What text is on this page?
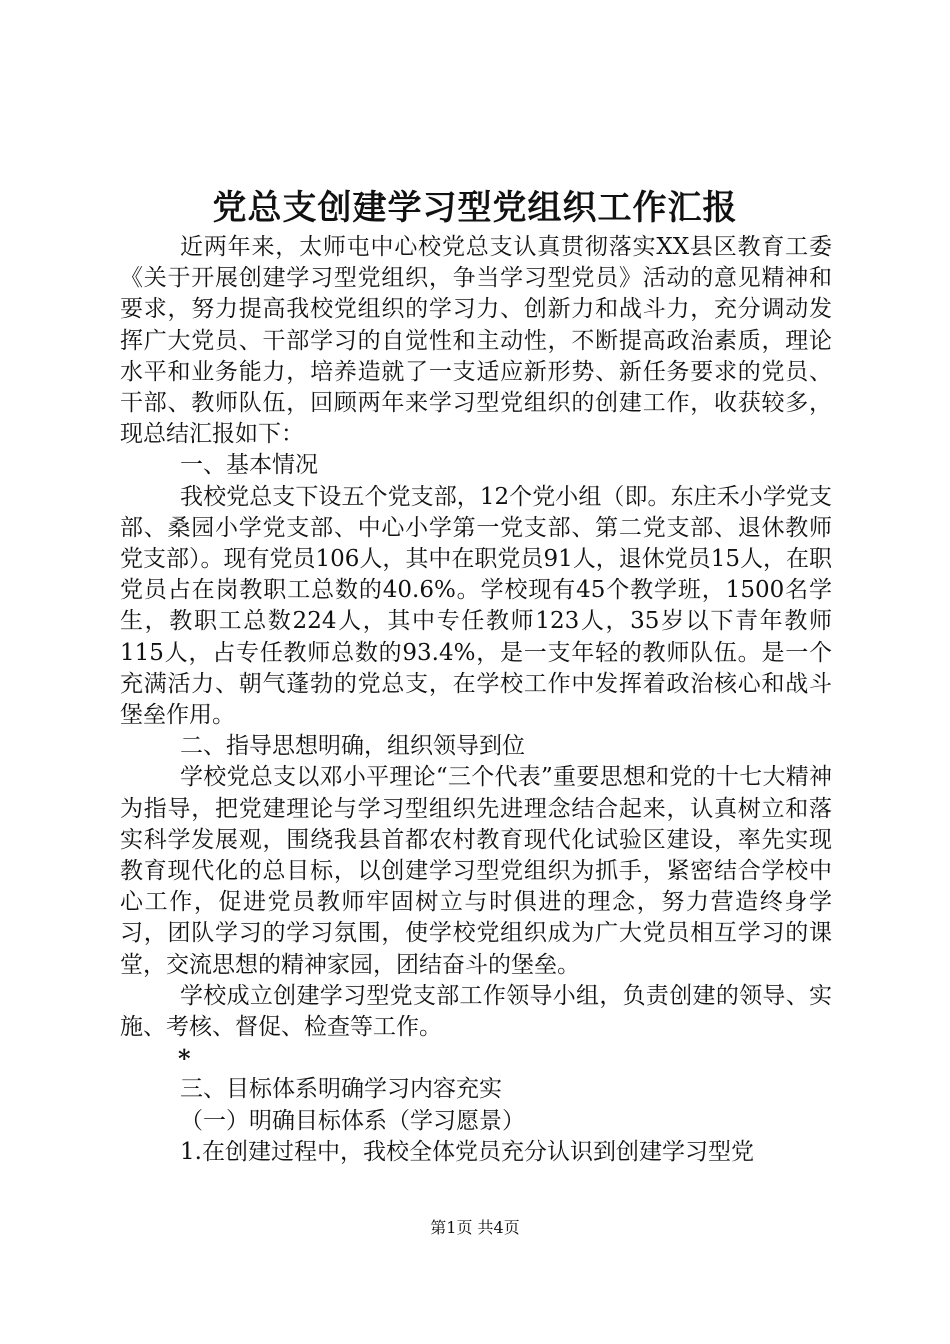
党总支创建学习型党组织工作汇报

近两年来，太师屯中心校党总支认真贯彻落实XX县区教育工委《关于开展创建学习型党组织，争当学习型党员》活动的意见精神和要求，努力提高我校党组织的学习力、创新力和战斗力，充分调动发挥广大党员、干部学习的自觉性和主动性，不断提高政治素质，理论水平和业务能力，培养造就了一支适应新形势、新任务要求的党员、干部、教师队伍，回顾两年来学习型党组织的创建工作，收获较多，现总结汇报如下：

一、基本情况

我校党总支下设五个党支部，12个党小组（即。东庄禾小学党支部、桑园小学党支部、中心小学第一党支部、第二党支部、退休教师党支部）。现有党员106人，其中在职党员91人，退休党员15人，在职党员占在岗教职工总数的40.6%。学校现有45个教学班，1500名学生，教职工总数224人，其中专任教师123人，35岁以下青年教师115人，占专任教师总数的93.4%，是一支年轻的教师队伍。是一个充满活力、朝气蓬勃的党总支，在学校工作中发挥着政治核心和战斗堡垒作用。

二、指导思想明确，组织领导到位

学校党总支以邓小平理论“三个代表”重要思想和党的十七大精神为指导，把党建理论与学习型组织先进理念结合起来，认真树立和落实科学发展观，围绕我县首都农村教育现代化试验区建设，率先实现教育现代化的总目标，以创建学习型党组织为抓手，紧密结合学校中心工作，促进党员教师牢固树立与时俱进的理念，努力营造终身学习，团队学习的学习氛围，使学校党组织成为广大党员相互学习的课堂，交流思想的精神家园，团结奋斗的堡垒。

学校成立创建学习型党支部工作领导小组，负责创建的领导、实施、考核、督促、检查等工作。

*

三、目标体系明确学习内容充实

（一）明确目标体系（学习愿景）

1.在创建过程中，我校全体党员充分认识到创建学习型党

第1页 共4页
